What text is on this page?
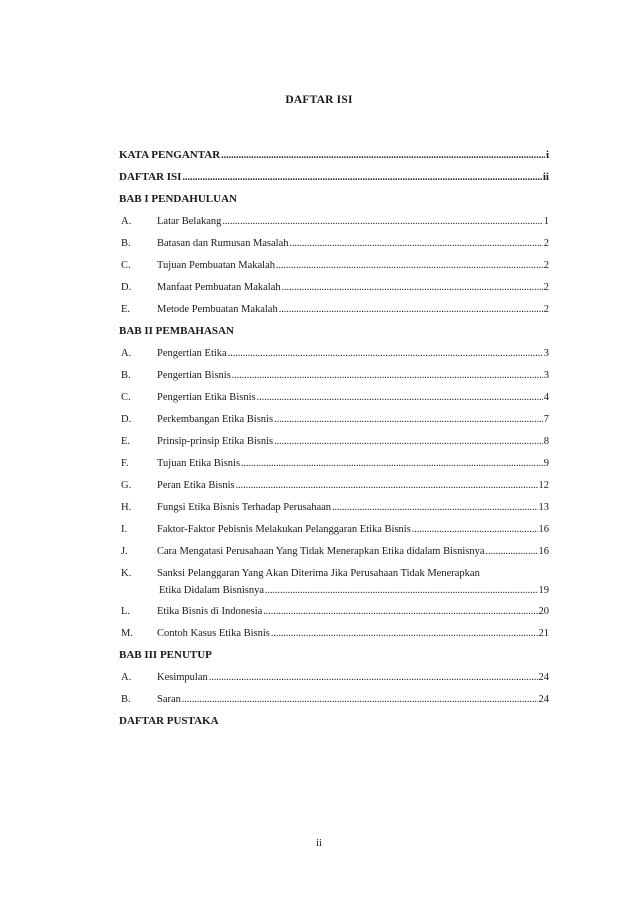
DAFTAR ISI
KATA PENGANTAR .....	i
DAFTAR ISI .....	ii
BAB I PENDAHULUAN
A.	Latar Belakang .....	1
B.	Batasan dan Rumusan Masalah .....	2
C.	Tujuan Pembuatan Makalah .....	2
D.	Manfaat Pembuatan Makalah .....	2
E.	Metode Pembuatan Makalah .....	2
BAB II PEMBAHASAN
A.	Pengertian Etika .....	3
B.	Pengertian Bisnis .....	3
C.	Pengertian Etika Bisnis .....	4
D.	Perkembangan Etika Bisnis .....	7
E.	Prinsip-prinsip Etika Bisnis .....	8
F.	Tujuan Etika Bisnis .....	9
G.	Peran Etika Bisnis .....	12
H.	Fungsi Etika Bisnis Terhadap Perusahaan .....	13
I.	Faktor-Faktor Pebisnis Melakukan Pelanggaran Etika Bisnis .....	16
J.	Cara Mengatasi Perusahaan Yang Tidak Menerapkan Etika didalam Bisnisnya .....	16
K.	Sanksi Pelanggaran Yang Akan Diterima Jika Perusahaan Tidak Menerapkan
Etika Didalam Bisnisnya .....	19
L.	Etika Bisnis di Indonesia .....	20
M.	Contoh Kasus Etika Bisnis .....	21
BAB III PENUTUP
A.	Kesimpulan .....	24
B.	Saran .....	24
DAFTAR PUSTAKA
ii
